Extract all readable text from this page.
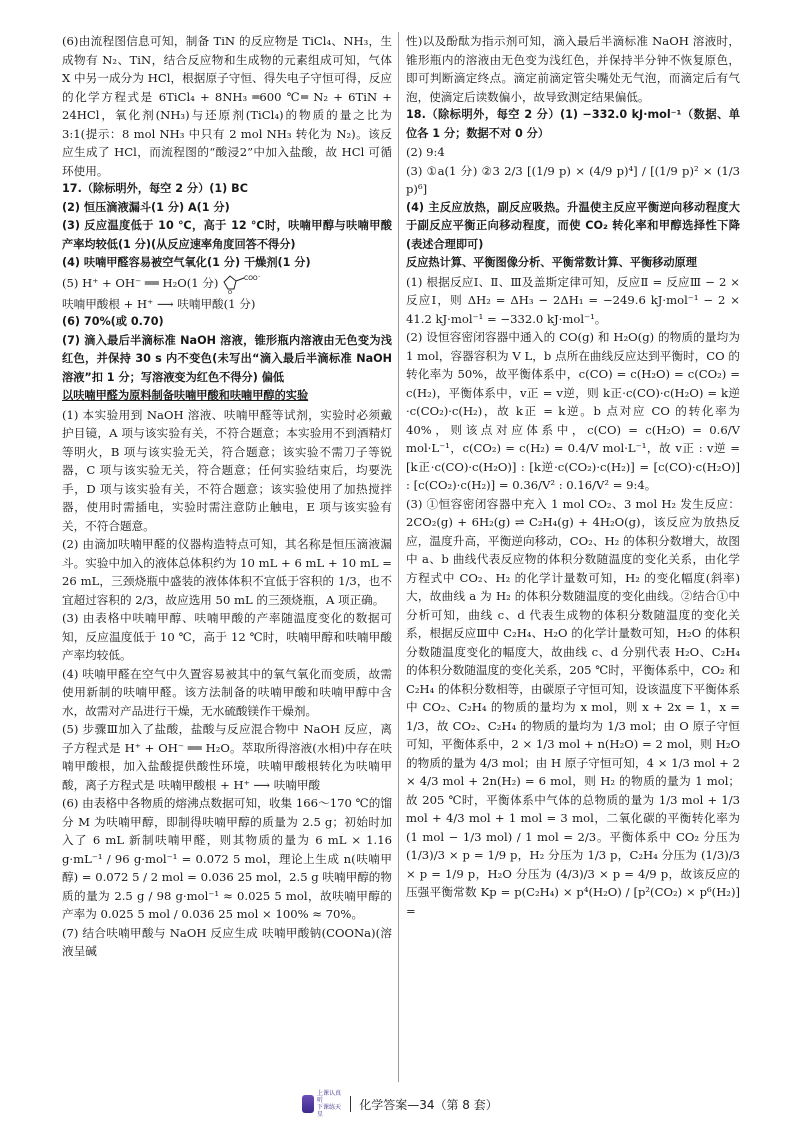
(6)由流程图信息可知，制备 TiN 的反应物是 TiCl₄、NH₃，生成物有 N₂、TiN，结合反应物和生成物的元素组成可知，气体 X 中另一成分为 HCl，根据原子守恒、得失电子守恒可得，反应的化学方程式是 6TiCl₄ + 8NH₃ ═600 ℃═ N₂ + 6TiN + 24HCl，氧化剂(NH₃)与还原剂(TiCl₄)的物质的量之比为 3:1(提示：8 mol NH₃ 中只有 2 mol NH₃ 转化为 N₂)。该反应生成了 HCl，而流程图的“酸浸2”中加入盐酸，故 HCl 可循环使用。

17.（除标明外，每空 2 分）(1) BC

(2) 恒压滴液漏斗(1 分) A(1 分)

(3) 反应温度低于 10 ℃，高于 12 ℃时，呋喃甲醇与呋喃甲酸产率均较低(1 分)(从反应速率角度回答不得分)

(4) 呋喃甲醛容易被空气氧化(1 分) 干燥剂(1 分)

(5) H⁺ + OH⁻ ══ H₂O(1 分)	COO⁻
O

呋喃甲酸根 + H⁺ ⟶ 呋喃甲酸(1 分)

(6) 70%(或 0.70)

(7) 滴入最后半滴标准 NaOH 溶液，锥形瓶内溶液由无色变为浅红色，并保持 30 s 内不变色(未写出“滴入最后半滴标准 NaOH 溶液”扣 1 分；写溶液变为红色不得分) 偏低

以呋喃甲醛为原料制备呋喃甲酸和呋喃甲醇的实验

(1) 本实验用到 NaOH 溶液、呋喃甲醛等试剂，实验时必须戴护目镜，A 项与该实验有关，不符合题意；本实验用不到酒精灯等明火，B 项与该实验无关，符合题意；该实验不需刀子等锐器，C 项与该实验无关，符合题意；任何实验结束后，均要洗手，D 项与该实验有关，不符合题意；该实验使用了加热搅拌器，使用时需插电，实验时需注意防止触电，E 项与该实验有关，不符合题意。

(2) 由滴加呋喃甲醛的仪器构造特点可知，其名称是恒压滴液漏斗。实验中加入的液体总体积约为 10 mL + 6 mL + 10 mL = 26 mL，三颈烧瓶中盛装的液体体积不宜低于容积的 1/3，也不宜超过容积的 2/3，故应选用 50 mL 的三颈烧瓶，A 项正确。

(3) 由表格中呋喃甲醇、呋喃甲酸的产率随温度变化的数据可知，反应温度低于 10 ℃，高于 12 ℃时，呋喃甲醇和呋喃甲酸产率均较低。

(4) 呋喃甲醛在空气中久置容易被其中的氧气氧化而变质，故需使用新制的呋喃甲醛。该方法制备的呋喃甲酸和呋喃甲醇中含水，故需对产品进行干燥，无水硫酸镁作干燥剂。

(5) 步骤Ⅲ加入了盐酸，盐酸与反应混合物中 NaOH 反应，离子方程式是 H⁺ + OH⁻ ══ H₂O。萃取所得溶液(水相)中存在呋喃甲酸根，加入盐酸提供酸性环境，呋喃甲酸根转化为呋喃甲酸，离子方程式是 呋喃甲酸根 + H⁺ ⟶ 呋喃甲酸

(6) 由表格中各物质的熔沸点数据可知，收集 166～170 ℃的馏分 M 为呋喃甲醇，即制得呋喃甲醇的质量为 2.5 g；初始时加入了 6 mL 新制呋喃甲醛，则其物质的量为 6 mL × 1.16 g·mL⁻¹ / 96 g·mol⁻¹ = 0.072 5 mol，理论上生成 n(呋喃甲醇) = 0.072 5 / 2 mol = 0.036 25 mol，2.5 g 呋喃甲醇的物质的量为 2.5 g / 98 g·mol⁻¹ ≈ 0.025 5 mol，故呋喃甲醇的产率为 0.025 5 mol / 0.036 25 mol × 100% ≈ 70%。

(7) 结合呋喃甲酸与 NaOH 反应生成 呋喃甲酸钠(COONa)(溶液呈碱

性)以及酚酞为指示剂可知，滴入最后半滴标准 NaOH 溶液时，锥形瓶内的溶液由无色变为浅红色，并保持半分钟不恢复原色，即可判断滴定终点。滴定前滴定管尖嘴处无气泡，而滴定后有气泡，使滴定后读数偏小，故导致测定结果偏低。

18.（除标明外，每空 2 分）(1) −332.0 kJ·mol⁻¹（数据、单位各 1 分；数据不对 0 分）

(2) 9:4

(3) ①a(1 分) ②3 2/3 [(1/9 p) × (4/9 p)⁴] / [(1/9 p)² × (1/3 p)⁶]

(4) 主反应放热，副反应吸热。升温使主反应平衡逆向移动程度大于副反应平衡正向移动程度，而使 CO₂ 转化率和甲醇选择性下降(表述合理即可)

反应热计算、平衡图像分析、平衡常数计算、平衡移动原理

(1) 根据反应Ⅰ、Ⅱ、Ⅲ及盖斯定律可知，反应Ⅱ = 反应Ⅲ − 2 × 反应Ⅰ，则 ΔH₂ = ΔH₃ − 2ΔH₁ = −249.6 kJ·mol⁻¹ − 2 × 41.2 kJ·mol⁻¹ = −332.0 kJ·mol⁻¹。

(2) 设恒容密闭容器中通入的 CO(g) 和 H₂O(g) 的物质的量均为 1 mol，容器容积为 V L，b 点所在曲线反应达到平衡时，CO 的转化率为 50%，故平衡体系中，c(CO) = c(H₂O) = c(CO₂) = c(H₂)，平衡体系中，v正 = v逆，则 k正·c(CO)·c(H₂O) = k逆·c(CO₂)·c(H₂)，故 k正 = k逆。b 点对应 CO 的转化率为 40%，则该点对应体系中，c(CO) = c(H₂O) = 0.6/V mol·L⁻¹，c(CO₂) = c(H₂) = 0.4/V mol·L⁻¹，故 v正 : v逆 = [k正·c(CO)·c(H₂O)] : [k逆·c(CO₂)·c(H₂)] = [c(CO)·c(H₂O)] : [c(CO₂)·c(H₂)] = 0.36/V² : 0.16/V² = 9:4。

(3) ①恒容密闭容器中充入 1 mol CO₂、3 mol H₂ 发生反应：2CO₂(g) + 6H₂(g) ⇌ C₂H₄(g) + 4H₂O(g)，该反应为放热反应，温度升高，平衡逆向移动，CO₂、H₂ 的体积分数增大，故图中 a、b 曲线代表反应物的体积分数随温度的变化关系，由化学方程式中 CO₂、H₂ 的化学计量数可知，H₂ 的变化幅度(斜率)大，故曲线 a 为 H₂ 的体积分数随温度的变化曲线。②结合①中分析可知，曲线 c、d 代表生成物的体积分数随温度的变化关系，根据反应Ⅲ中 C₂H₄、H₂O 的化学计量数可知，H₂O 的体积分数随温度变化的幅度大，故曲线 c、d 分别代表 H₂O、C₂H₄ 的体积分数随温度的变化关系，205 ℃时，平衡体系中，CO₂ 和 C₂H₄ 的体积分数相等，由碳原子守恒可知，设该温度下平衡体系中 CO₂、C₂H₄ 的物质的量均为 x mol，则 x + 2x = 1，x = 1/3，故 CO₂、C₂H₄ 的物质的量均为 1/3 mol；由 O 原子守恒可知，平衡体系中，2 × 1/3 mol + n(H₂O) = 2 mol，则 H₂O 的物质的量为 4/3 mol；由 H 原子守恒可知，4 × 1/3 mol + 2 × 4/3 mol + 2n(H₂) = 6 mol，则 H₂ 的物质的量为 1 mol；故 205 ℃时，平衡体系中气体的总物质的量为 1/3 mol + 1/3 mol + 4/3 mol + 1 mol = 3 mol，二氧化碳的平衡转化率为 (1 mol − 1/3 mol) / 1 mol = 2/3。平衡体系中 CO₂ 分压为 (1/3)/3 × p = 1/9 p，H₂ 分压为 1/3 p，C₂H₄ 分压为 (1/3)/3 × p = 1/9 p，H₂O 分压为 (4/3)/3 × p = 4/9 p，故该反应的压强平衡常数 Kp = p(C₂H₄) × p⁴(H₂O) / [p²(CO₂) × p⁶(H₂)] =

上课认真听
下课练天星
化学答案—34（第 8 套）
